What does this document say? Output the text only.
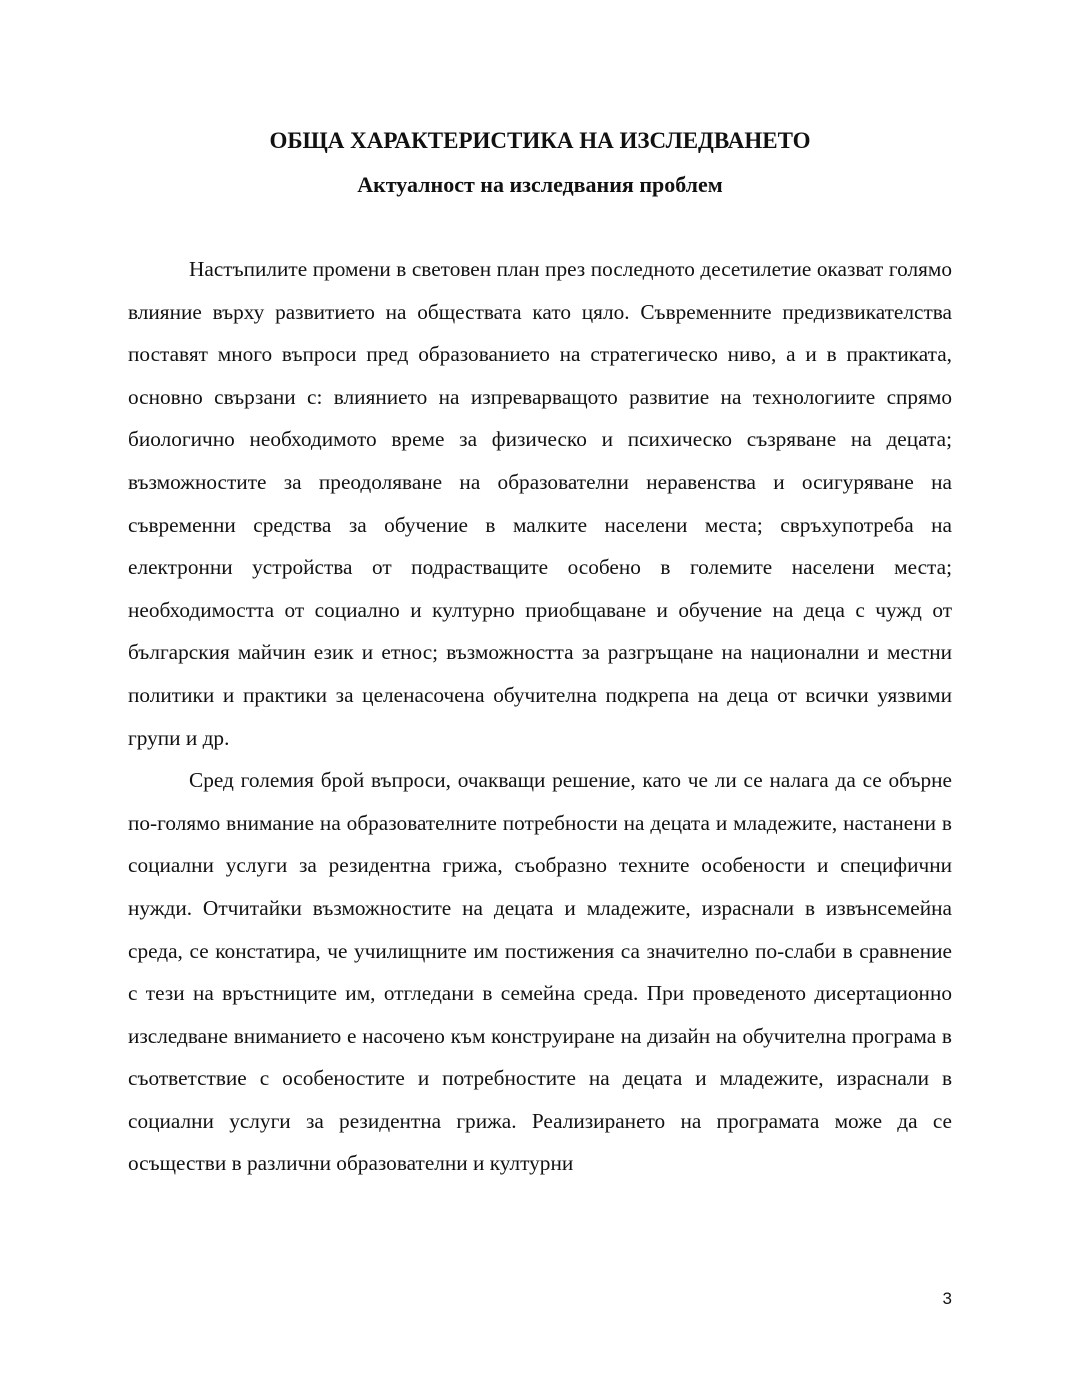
ОБЩА ХАРАКТЕРИСТИКА НА ИЗСЛЕДВАНЕТО
Актуалност на изследвания проблем

Настъпилите промени в световен план през последното десетилетие оказват голямо влияние върху развитието на обществата като цяло. Съвременните предизвикателства поставят много въпроси пред образованието на стратегическо ниво, а и в практиката, основно свързани с: влиянието на изпреварващото развитие на технологиите спрямо биологично необходимото време за физическо и психическо съзряване на децата; възможностите за преодоляване на образователни неравенства и осигуряване на съвременни средства за обучение в малките населени места; свръхупотреба на електронни устройства от подрастващите особено в големите населени места; необходимостта от социално и културно приобщаване и обучение на деца с чужд от българския майчин език и етнос; възможността за разгръщане на национални и местни политики и практики за целенасочена обучителна подкрепа на деца от всички уязвими групи и др.

Сред големия брой въпроси, очакващи решение, като че ли се налага да се обърне по-голямо внимание на образователните потребности на децата и младежите, настанени в социални услуги за резидентна грижа, съобразно техните особености и специфични нужди. Отчитайки възможностите на децата и младежите, израснали в извънсемейна среда, се констатира, че училищните им постижения са значително по-слаби в сравнение с тези на връстниците им, отгледани в семейна среда. При проведеното дисертационно изследване вниманието е насочено към конструиране на дизайн на обучителна програма в съответствие с особеностите и потребностите на децата и младежите, израснали в социални услуги за резидентна грижа. Реализирането на програмата може да се осъществи в различни образователни и културни

3
